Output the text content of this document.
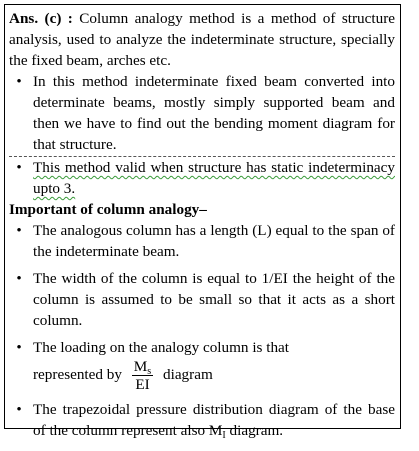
Ans. (c) : Column analogy method is a method of structure analysis, used to analyze the indeterminate structure, specially the fixed beam, arches etc.

• In this method indeterminate fixed beam converted into determinate beams, mostly simply supported beam and then we have to find out the bending moment diagram for that structure.
• This method valid when structure has static indeterminacy upto 3.

Important of column analogy–

• The analogous column has a length (L) equal to the span of the indeterminate beam.
• The width of the column is equal to 1/EI the height of the column is assumed to be small so that it acts as a short column.
• The loading on the analogy column is that
represented by $\frac{M_s}{EI}$ diagram
• The trapezoidal pressure distribution diagram of the base of the column represent also $M_I$ diagram.
